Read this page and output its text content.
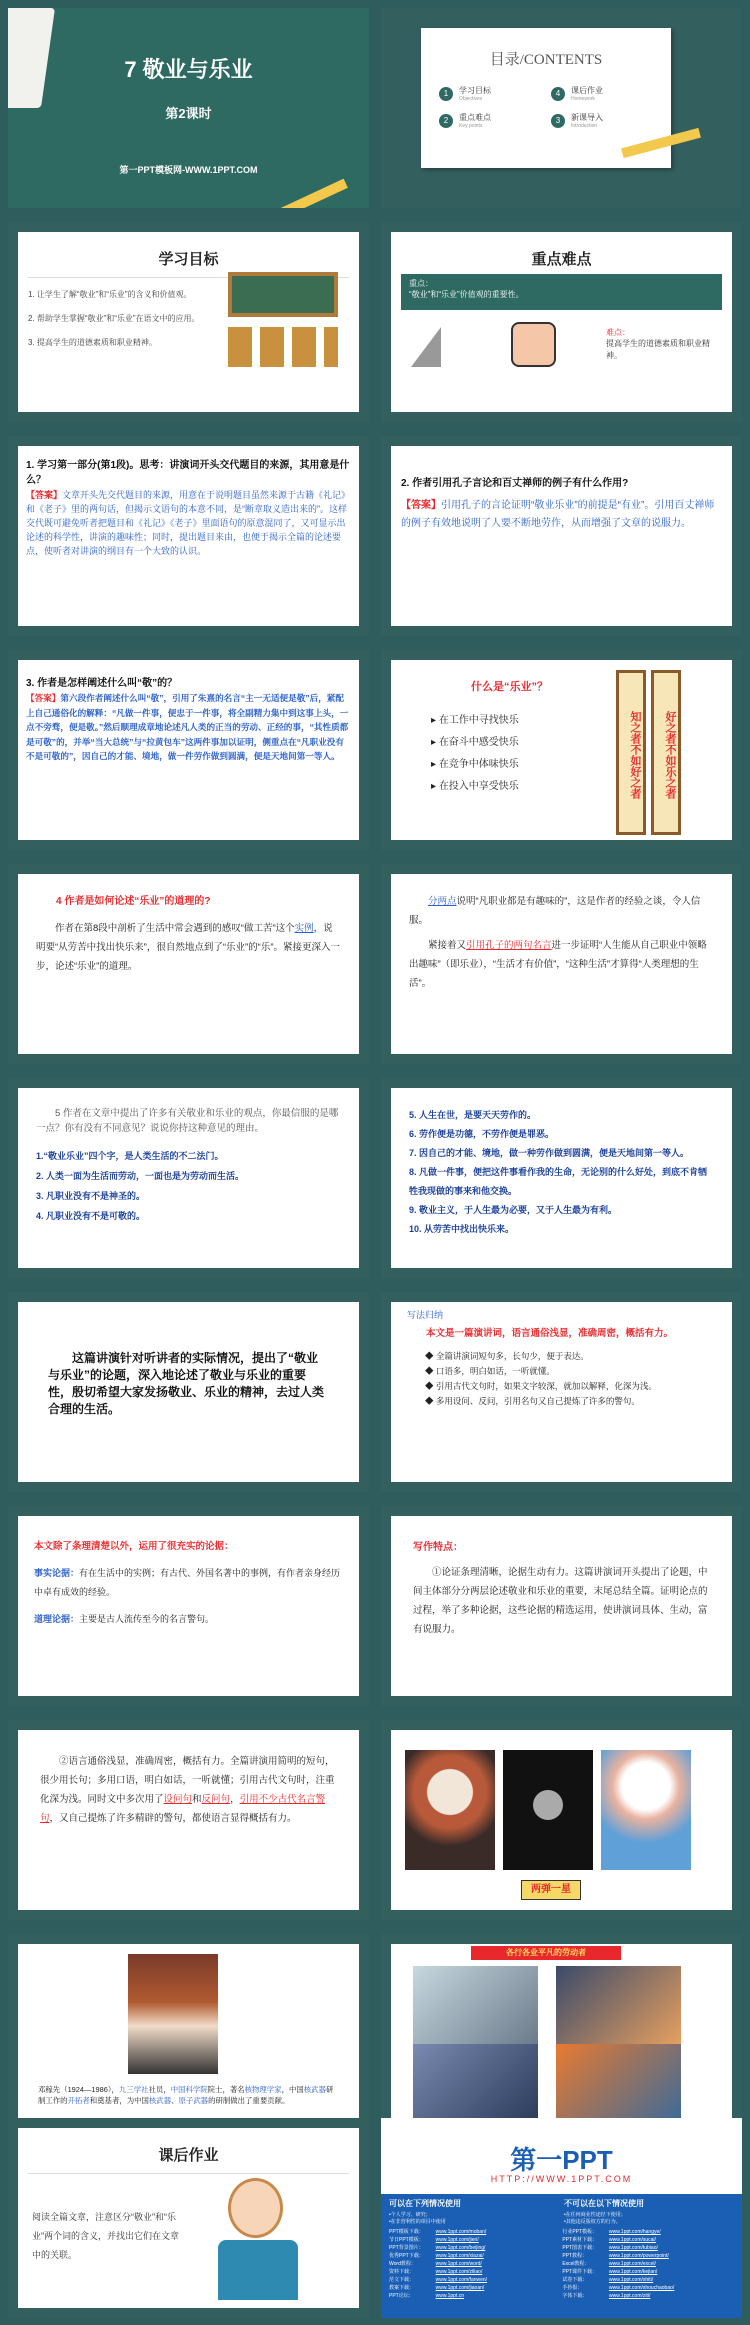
7 敬业与乐业
第2课时
第一PPT模板网-WWW.1PPT.COM
目录/CONTENTS
1	学习目标
Objectives
4	课后作业
Homework
2	重点难点
Key points
3	新课导入
Introduction
学习目标

1. 让学生了解“敬业”和“乐业”的含义和价值观。

2. 帮助学生掌握“敬业”和“乐业”在语文中的应用。

3. 提高学生的道德素质和职业精神。

重点难点
重点：
“敬业”和“乐业”价值观的重要性。
难点：
提高学生的道德素质和职业精神。

1. 学习第一部分(第1段)。思考：讲演词开头交代题目的来源，其用意是什么？

【答案】文章开头先交代题目的来源，用意在于说明题目虽然来源于古籍《礼记》和《老子》里的两句话，但揭示文语句的本意不同，是“断章取义造出来的”。这样交代既可避免听者把题目和《礼记》《老子》里面语句的原意混同了，又可显示出论述的科学性，讲演的趣味性；同时，提出题目来由，也便于揭示全篇的论述要点，使听者对讲演的纲目有一个大致的认识。

2. 作者引用孔子言论和百丈禅师的例子有什么作用?

【答案】引用孔子的言论证明“敬业乐业”的前提是“有业”。引用百丈禅师的例子有效地说明了人要不断地劳作，从而增强了文章的说服力。

3. 作者是怎样阐述什么叫“敬”的？

【答案】第六段作者阐述什么叫“敬”，引用了朱熹的名言“主一无适便是敬”后，紧配上自己通俗化的解释：“凡做一件事，便忠于一件事，将全副精力集中到这事上头，一点不旁骛，便是敬。”然后顺理成章地论述凡人类的正当的劳动、正经的事，“其性质都是可敬”的，并举“当大总统”与“拉黄包车”这两件事加以证明，侧重点在“凡职业没有不是可敬的”，因自己的才能、境地，做一件劳作做到圆满，便是天地间第一等人。

什么是“乐业”？
▸ 在工作中寻找快乐
▸ 在奋斗中感受快乐
▸ 在竞争中体味快乐
▸ 在投入中享受快乐	知之者不如好之者	好之者不如乐之者

4 作者是如何论述“乐业”的道理的?

作者在第8段中剖析了生活中常会遇到的感叹“做工苦”这个实例，说明要“从劳苦中找出快乐来”，很自然地点到了“乐业”的“乐”。紧接更深入一步，论述“乐业”的道理。

分两点说明“凡职业都是有趣味的”，这是作者的经验之谈，令人信服。

紧接着又引用孔子的两句名言进一步证明“人生能从自己职业中领略出趣味”（即乐业），“生活才有价值”，“这种生活”才算得“人类理想的生活”。

5 作者在文章中提出了许多有关敬业和乐业的观点，你最信服的是哪一点？你有没有不同意见？说说你持这种意见的理由。

1.“敬业乐业”四个字，是人类生活的不二法门。
2. 人类一面为生活而劳动，一面也是为劳动而生活。
3. 凡职业没有不是神圣的。
4. 凡职业没有不是可敬的。
5. 人生在世，是要天天劳作的。
6. 劳作便是功德，不劳作便是罪恶。
7. 因自己的才能、境地，做一种劳作做到圆满，便是天地间第一等人。
8. 凡做一件事，便把这件事看作我的生命，无论别的什么好处，到底不肯牺牲我现做的事来和他交换。
9. 敬业主义，于人生最为必要，又于人生最为有利。
10. 从劳苦中找出快乐来。

这篇讲演针对听讲者的实际情况，提出了“敬业与乐业”的论题，深入地论述了敬业与乐业的重要性，殷切希望大家发扬敬业、乐业的精神，去过人类合理的生活。

写法归纳

本文是一篇演讲词，语言通俗浅显，准确周密，概括有力。

◆ 全篇讲演词短句多，长句少，便于表达。
◆ 口语多，明白如话，一听就懂。
◆ 引用古代文句时，如果文字较深，就加以解释，化深为浅。
◆ 多用设问、反问，引用名句又自己提炼了许多的警句。

本文除了条理清楚以外，运用了很充实的论据：

事实论据：有在生活中的实例；有古代、外国名著中的事例，有作者亲身经历中卓有成效的经验。

道理论据：主要是古人流传至今的名言警句。

写作特点：

①论证条理清晰，论据生动有力。这篇讲演词开头提出了论题，中间主体部分分两层论述敬业和乐业的重要，末尾总结全篇。证明论点的过程，举了多种论据，这些论据的精选运用，使讲演词具体、生动，富有说服力。

②语言通俗浅显，准确周密，概括有力。全篇讲演用简明的短句，很少用长句；多用口语，明白如话，一听就懂；引用古代文句时，注重化深为浅。同时文中多次用了设问句和反问句，引用不少古代名言警句，又自己提炼了许多精辟的警句，都使语言显得概括有力。

两弹一星

邓稼先（1924—1986），九三学社社员，中国科学院院士，著名核物理学家，中国核武器研制工作的开拓者和奠基者，为中国核武器、原子武器的研制做出了重要贡献。

各行各业平凡的劳动者
课后作业

阅读全篇文章，注意区分“敬业”和“乐业”两个词的含义，并找出它们在文章中的关联。

第一PPT
HTTP://WWW.1PPT.COM
可以在下列情况使用	不可以在以下情况使用
•个人学习、研究；
•在非营利性的项目中使用
•在任何商业性途径下使用；
•其他违反版权方的行为。
PPT模板下载：	www.1ppt.com/moban/	行业PPT模板：	www.1ppt.com/hangye/
节日PPT模板：	www.1ppt.com/jieri/	PPT素材下载：	www.1ppt.com/sucai/
PPT背景图片：	www.1ppt.com/beijing/	PPT图表下载：	www.1ppt.com/tubiao/
优秀PPT下载：	www.1ppt.com/xiazai/	PPT教程：	www.1ppt.com/powerpoint/
Word教程：	www.1ppt.com/word/	Excel教程：	www.1ppt.com/excel/
资料下载：	www.1ppt.com/ziliao/	PPT课件下载：	www.1ppt.com/kejian/
范文下载：	www.1ppt.com/fanwen/	试卷下载：	www.1ppt.com/shiti/
教案下载：	www.1ppt.com/jiaoan/	手抄报：	www.1ppt.com/shouchaobao/
PPT论坛：	www.1ppt.cn	字体下载：	www.1ppt.com/ziti/
